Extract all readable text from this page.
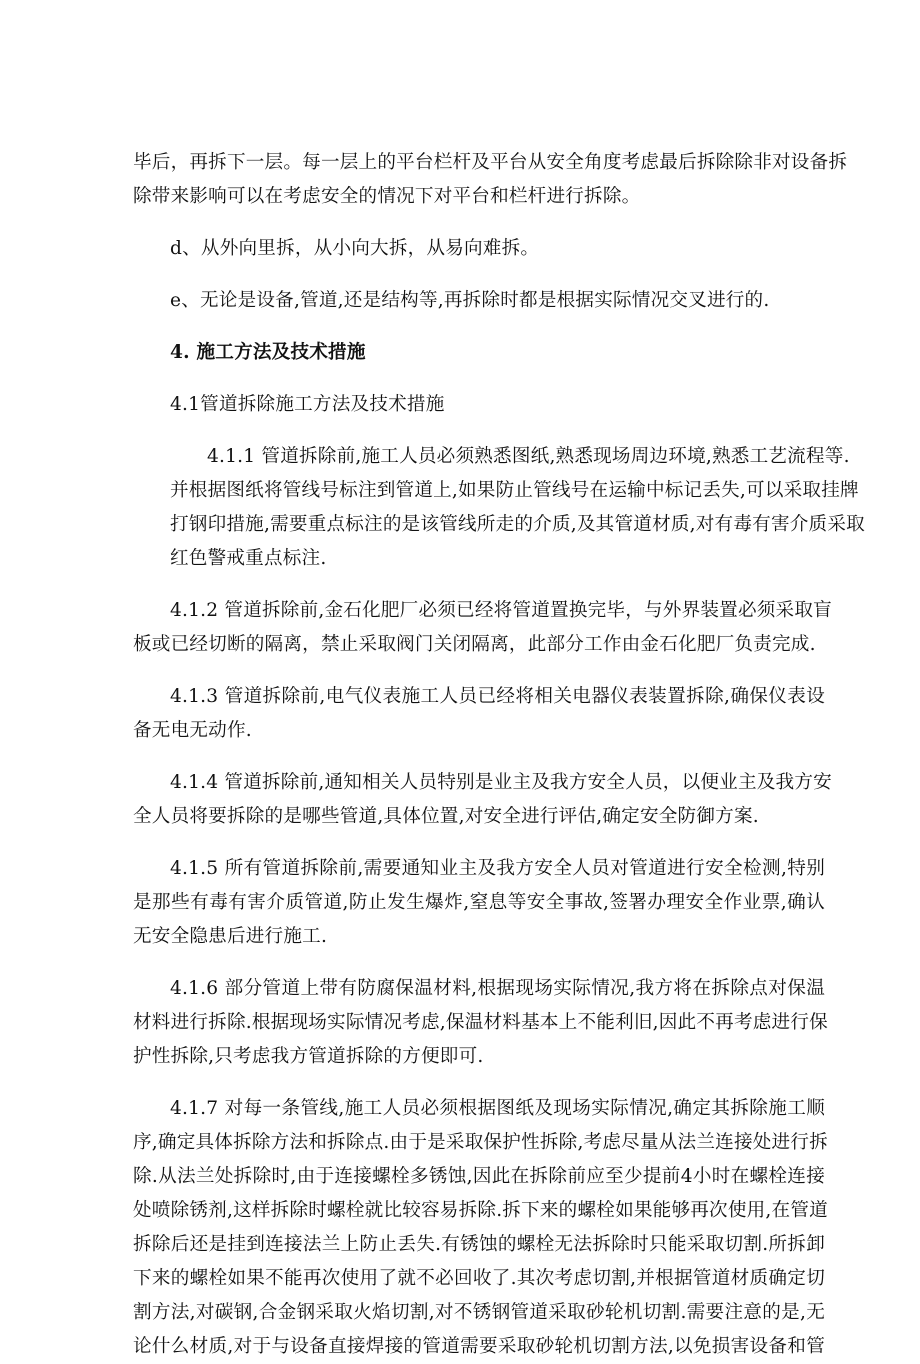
毕后，再拆下一层。每一层上的平台栏杆及平台从安全角度考虑最后拆除除非对设备拆
除带来影响可以在考虑安全的情况下对平台和栏杆进行拆除。

d、从外向里拆，从小向大拆，从易向难拆。

e、无论是设备,管道,还是结构等,再拆除时都是根据实际情况交叉进行的.

4. 施工方法及技术措施

4.1管道拆除施工方法及技术措施

4.1.1 管道拆除前,施工人员必须熟悉图纸,熟悉现场周边环境,熟悉工艺流程等.
并根据图纸将管线号标注到管道上,如果防止管线号在运输中标记丢失,可以采取挂牌
打钢印措施,需要重点标注的是该管线所走的介质,及其管道材质,对有毒有害介质采取
红色警戒重点标注.

4.1.2 管道拆除前,金石化肥厂必须已经将管道置换完毕，与外界装置必须采取盲
板或已经切断的隔离，禁止采取阀门关闭隔离，此部分工作由金石化肥厂负责完成.

4.1.3 管道拆除前,电气仪表施工人员已经将相关电器仪表装置拆除,确保仪表设
备无电无动作.

4.1.4 管道拆除前,通知相关人员特别是业主及我方安全人员，以便业主及我方安
全人员将要拆除的是哪些管道,具体位置,对安全进行评估,确定安全防御方案.

4.1.5 所有管道拆除前,需要通知业主及我方安全人员对管道进行安全检测,特别
是那些有毒有害介质管道,防止发生爆炸,窒息等安全事故,签署办理安全作业票,确认
无安全隐患后进行施工.

4.1.6 部分管道上带有防腐保温材料,根据现场实际情况,我方将在拆除点对保温
材料进行拆除.根据现场实际情况考虑,保温材料基本上不能利旧,因此不再考虑进行保
护性拆除,只考虑我方管道拆除的方便即可.

4.1.7 对每一条管线,施工人员必须根据图纸及现场实际情况,确定其拆除施工顺
序,确定具体拆除方法和拆除点.由于是采取保护性拆除,考虑尽量从法兰连接处进行拆
除.从法兰处拆除时,由于连接螺栓多锈蚀,因此在拆除前应至少提前4小时在螺栓连接
处喷除锈剂,这样拆除时螺栓就比较容易拆除.拆下来的螺栓如果能够再次使用,在管道
拆除后还是挂到连接法兰上防止丢失.有锈蚀的螺栓无法拆除时只能采取切割.所拆卸
下来的螺栓如果不能再次使用了就不必回收了.其次考虑切割,并根据管道材质确定切
割方法,对碳钢,合金钢采取火焰切割,对不锈钢管道采取砂轮机切割.需要注意的是,无
论什么材质,对于与设备直接焊接的管道需要采取砂轮机切割方法,以免损害设备和管
